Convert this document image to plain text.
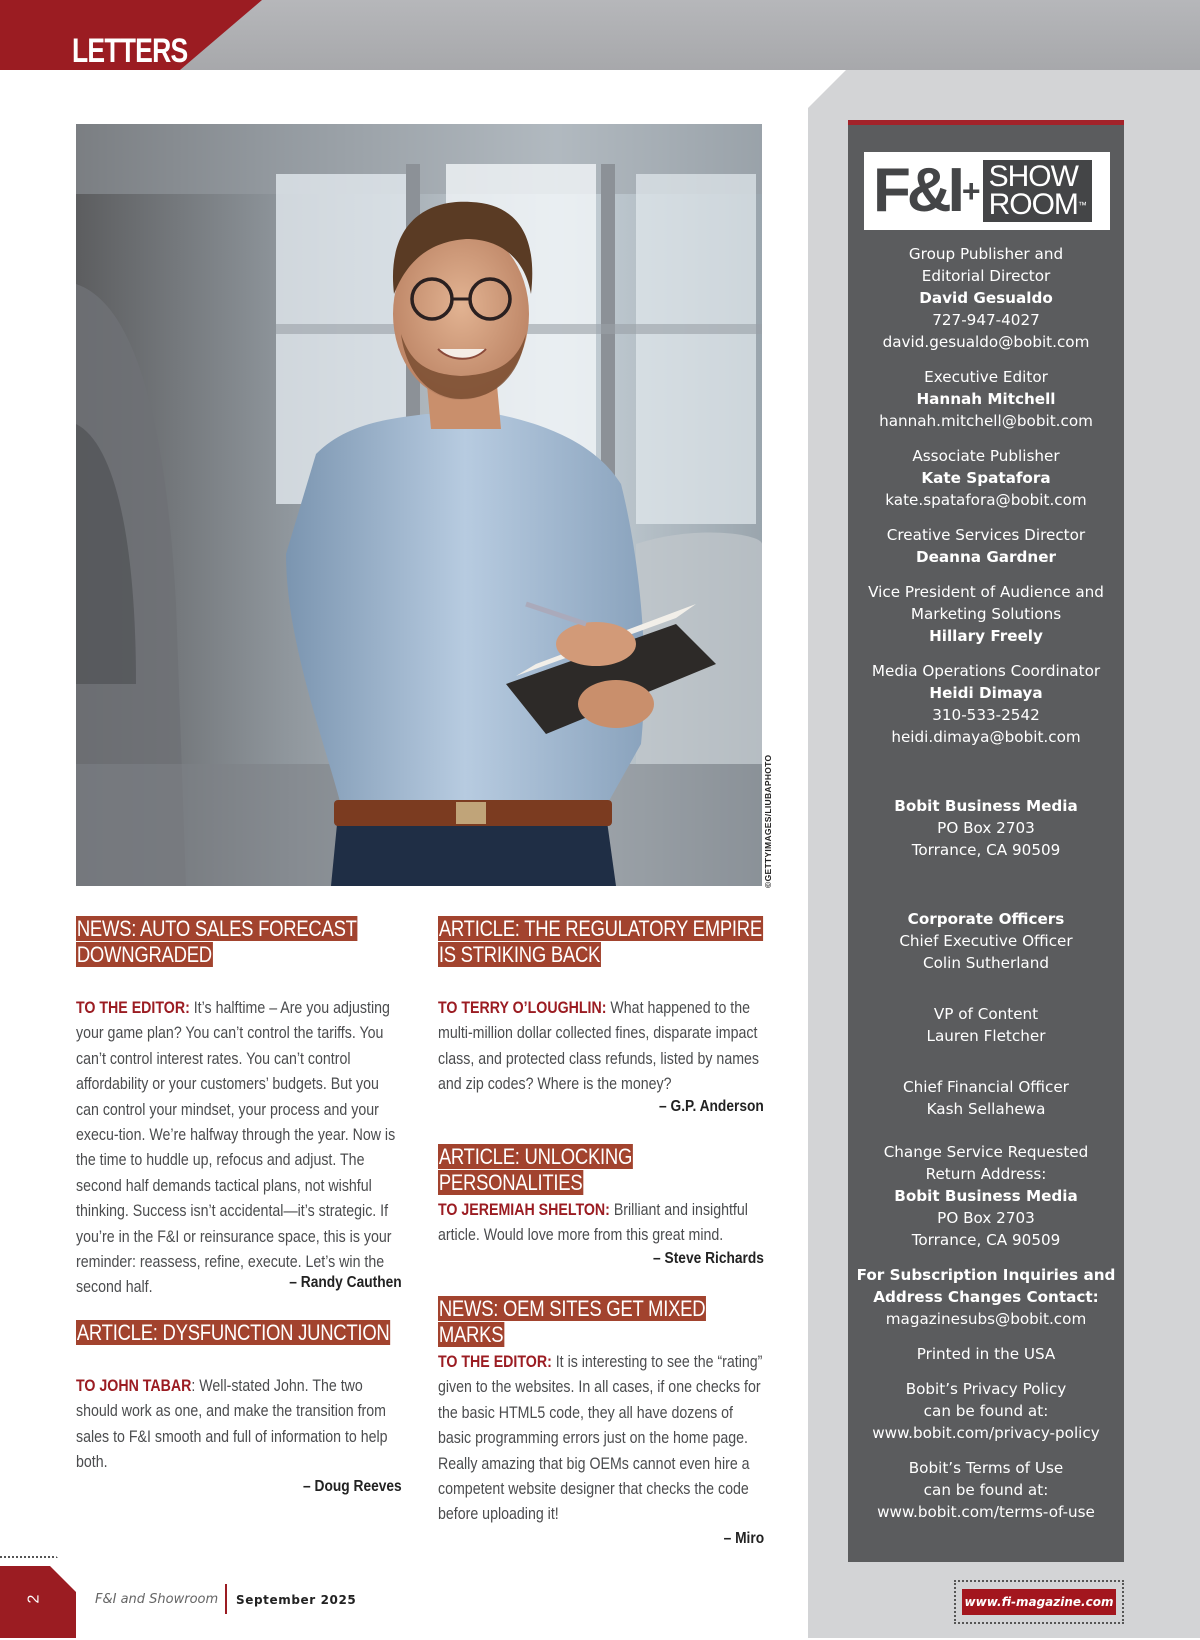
LETTERS
©GETTYIMAGES/LIUBAPHOTO
NEWS: AUTO SALES FORECAST
DOWNGRADED
TO THE EDITOR: It’s halftime – Are you adjusting your game plan? You can’t control the tariffs. You can’t control interest rates. You can’t control affordability or your customers’ budgets. But you can control your mindset, your process and your execu-tion. We’re halfway through the year. Now is the time to huddle up, refocus and adjust. The second half demands tactical plans, not wishful thinking. Success isn’t accidental—it’s strategic. If you’re in the F&I or reinsurance space, this is your reminder: reassess, refine, execute. Let’s win the second half.	– Randy Cauthen
ARTICLE: DYSFUNCTION JUNCTION
TO JOHN TABAR: Well-stated John. The two should work as one, and make the transition from sales to F&I smooth and full of information to help both.
– Doug Reeves
ARTICLE: THE REGULATORY EMPIRE
IS STRIKING BACK
TO TERRY O’LOUGHLIN: What happened to the multi-million dollar collected fines, disparate impact class, and protected class refunds, listed by names and zip codes? Where is the money?
– G.P. Anderson
ARTICLE: UNLOCKING PERSONALITIES
TO JEREMIAH SHELTON: Brilliant and insightful article. Would love more from this great mind.
– Steve Richards
NEWS: OEM SITES GET MIXED MARKS
TO THE EDITOR: It is interesting to see the “rating” given to the websites. In all cases, if one checks for the basic HTML5 code, they all have dozens of basic programming errors just on the home page. Really amazing that big OEMs cannot even hire a competent website designer that checks the code before uploading it!
– Miro
F&I + SHOW
ROOM™
Group Publisher and
Editorial Director
David Gesualdo
727-947-4027
david.gesualdo@bobit.com
Executive Editor
Hannah Mitchell
hannah.mitchell@bobit.com
Associate Publisher
Kate Spatafora
kate.spatafora@bobit.com
Creative Services Director
Deanna Gardner
Vice President of Audience and
Marketing Solutions
Hillary Freely
Media Operations Coordinator
Heidi Dimaya
310-533-2542
heidi.dimaya@bobit.com
Bobit Business Media
PO Box 2703
Torrance, CA 90509
Corporate Officers
Chief Executive Officer
Colin Sutherland
VP of Content
Lauren Fletcher
Chief Financial Officer
Kash Sellahewa
Change Service Requested
Return Address:
Bobit Business Media
PO Box 2703
Torrance, CA 90509
For Subscription Inquiries and
Address Changes Contact:
magazinesubs@bobit.com
Printed in the USA
Bobit’s Privacy Policy
can be found at:
www.bobit.com/privacy-policy
Bobit’s Terms of Use
can be found at:
www.bobit.com/terms-of-use
2	F&I and Showroom September 2025	www.fi-magazine.com
